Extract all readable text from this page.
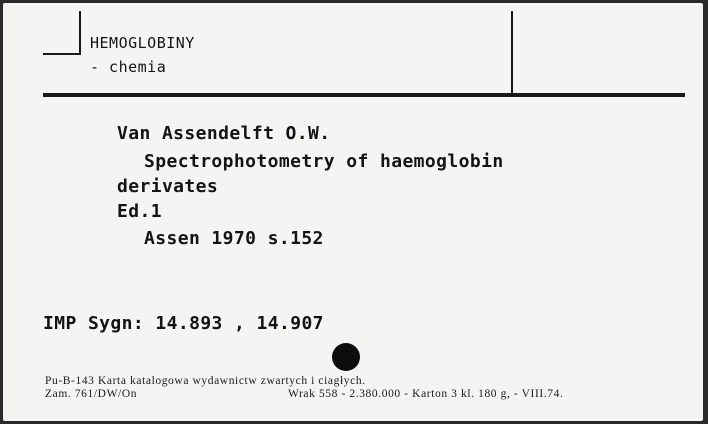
HEMOGLOBINY
- chemia
Van Assendelft O.W.
Spectrophotometry of haemoglobin
derivates
Ed.1
Assen 1970 s.152
IMP Sygn: 14.893 , 14.907
Pu-B-143 Karta katalogowa wydawnictw zwartych i ciagłych.
Zam. 761/DW/On	Wrak 558 - 2.380.000 - Karton 3 kl. 180 g, - VIII.74.
